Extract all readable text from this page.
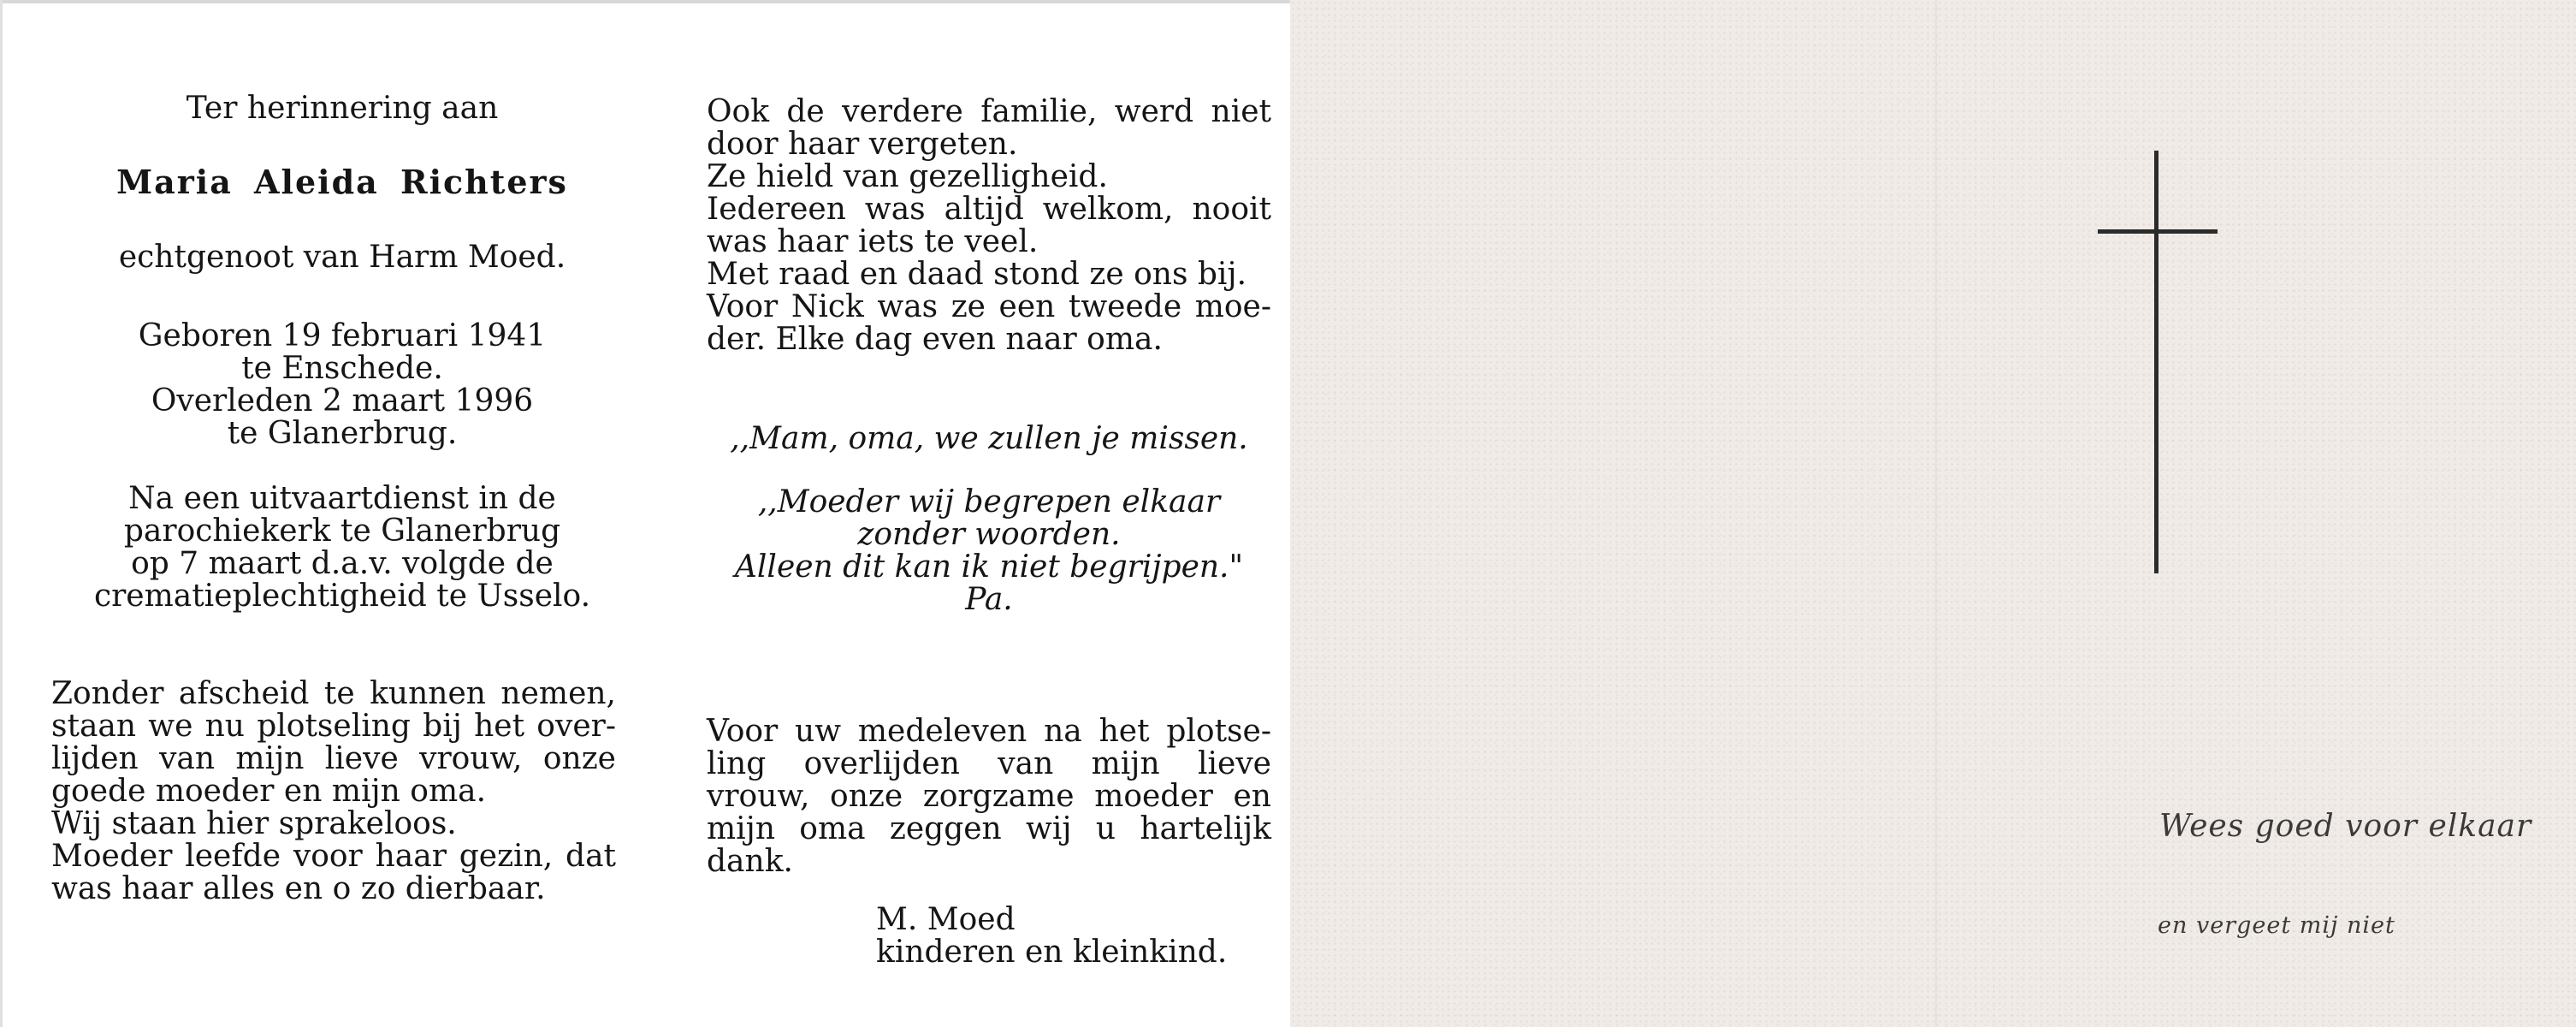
Ter herinnering aan
Maria Aleida Richters
echtgenoot van Harm Moed.
Geboren 19 februari 1941
te Enschede.
Overleden 2 maart 1996
te Glanerbrug.
Na een uitvaartdienst in de
parochiekerk te Glanerbrug
op 7 maart d.a.v. volgde de
crematieplechtigheid te Usselo.
Zonder afscheid te kunnen nemen,
staan we nu plotseling bij het over-
lijden van mijn lieve vrouw, onze
goede moeder en mijn oma.
Wij staan hier sprakeloos.
Moeder leefde voor haar gezin, dat
was haar alles en o zo dierbaar.
Ook de verdere familie, werd niet
door haar vergeten.
Ze hield van gezelligheid.
Iedereen was altijd welkom, nooit
was haar iets te veel.
Met raad en daad stond ze ons bij.
Voor Nick was ze een tweede moe-
der. Elke dag even naar oma.
,,Mam, oma, we zullen je missen.
,,Moeder wij begrepen elkaar
zonder woorden.
Alleen dit kan ik niet begrijpen."
Pa.
Voor uw medeleven na het plotse-
ling overlijden van mijn lieve
vrouw, onze zorgzame moeder en
mijn oma zeggen wij u hartelijk
dank.
M. Moed
kinderen en kleinkind.
Wees goed voor elkaar
en vergeet mij niet
